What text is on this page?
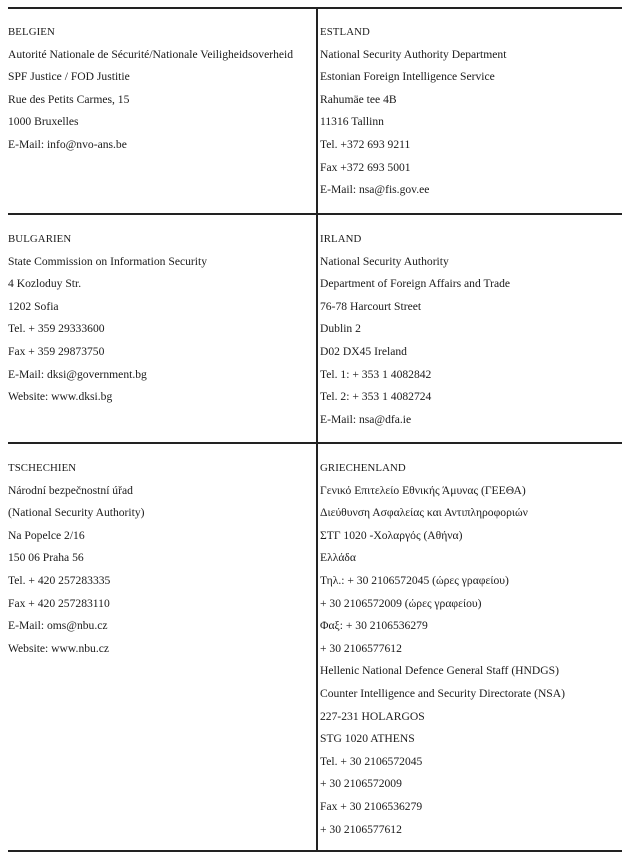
BELGIEN
Autorité Nationale de Sécurité/Nationale Veiligheidsoverheid
SPF Justice / FOD Justitie
Rue des Petits Carmes, 15
1000 Bruxelles
E-Mail: info@nvo-ans.be
ESTLAND
National Security Authority Department
Estonian Foreign Intelligence Service
Rahumäe tee 4B
11316 Tallinn
Tel. +372 693 9211
Fax +372 693 5001
E-Mail: nsa@fis.gov.ee
BULGARIEN
State Commission on Information Security
4 Kozloduy Str.
1202 Sofia
Tel. + 359 29333600
Fax + 359 29873750
E-Mail: dksi@government.bg
Website: www.dksi.bg
IRLAND
National Security Authority
Department of Foreign Affairs and Trade
76-78 Harcourt Street
Dublin 2
D02 DX45 Ireland
Tel. 1: + 353 1 4082842
Tel. 2: + 353 1 4082724
E-Mail: nsa@dfa.ie
TSCHECHIEN
Národní bezpečnostní úřad
(National Security Authority)
Na Popelce 2/16
150 06 Praha 56
Tel. + 420 257283335
Fax + 420 257283110
E-Mail: oms@nbu.cz
Website: www.nbu.cz
GRIECHENLAND
Γενικό Επιτελείο Εθνικής Άμυνας (ΓΕΕΘΑ)
Διεύθυνση Ασφαλείας και Αντιπληροφοριών
ΣΤΓ 1020 -Χολαργός (Αθήνα)
Ελλάδα
Τηλ.: + 30 2106572045 (ώρες γραφείου)
+ 30 2106572009 (ώρες γραφείου)
Φαξ: + 30 2106536279
+ 30 2106577612
Hellenic National Defence General Staff (HNDGS)
Counter Intelligence and Security Directorate (NSA)
227-231 HOLARGOS
STG 1020 ATHENS
Tel. + 30 2106572045
+ 30 2106572009
Fax + 30 2106536279
+ 30 2106577612
